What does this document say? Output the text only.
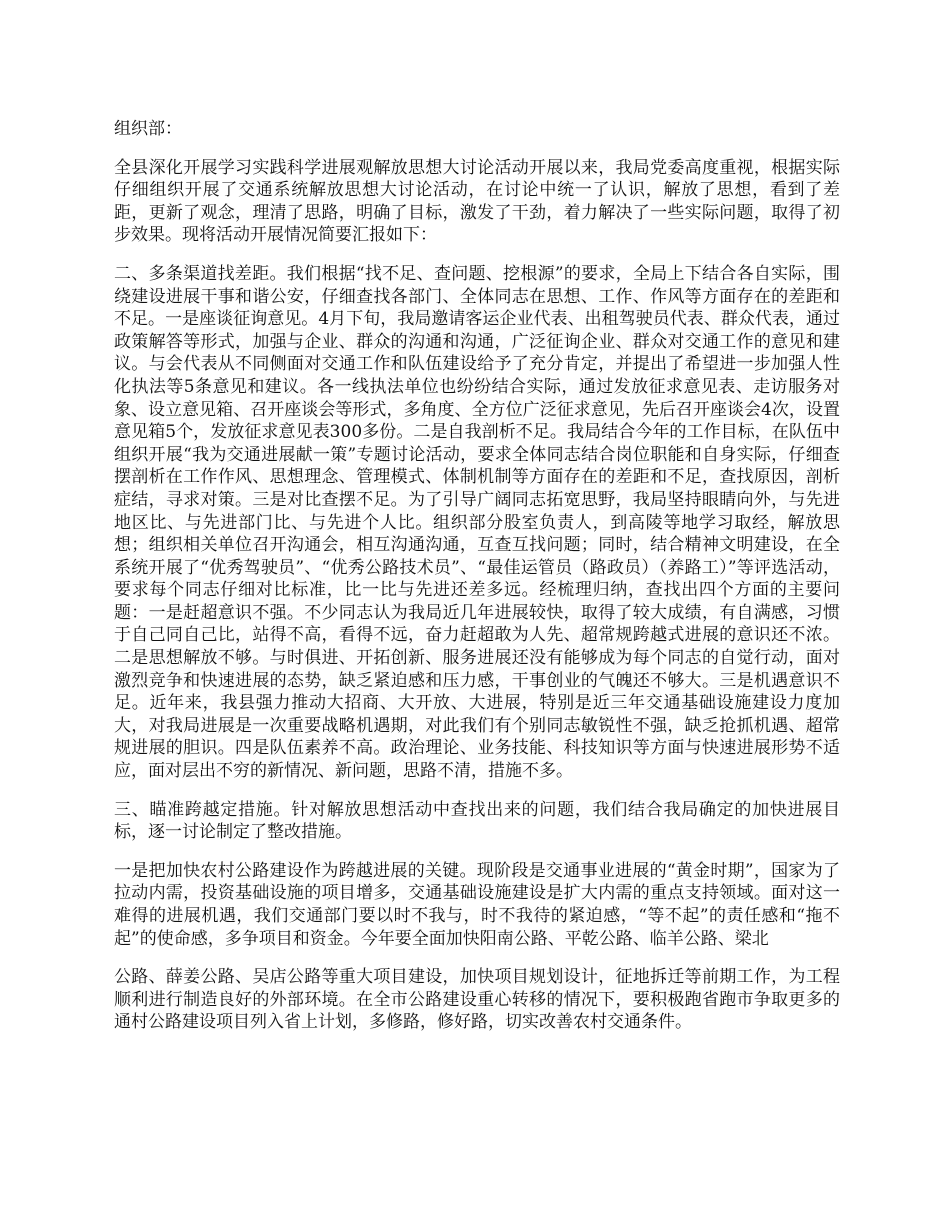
组织部：

全县深化开展学习实践科学进展观解放思想大讨论活动开展以来，我局党委高度重视，根据实际仔细组织开展了交通系统解放思想大讨论活动，在讨论中统一了认识，解放了思想，看到了差距，更新了观念，理清了思路，明确了目标，激发了干劲，着力解决了一些实际问题，取得了初步效果。现将活动开展情况简要汇报如下：

二、多条渠道找差距。我们根据“找不足、查问题、挖根源”的要求，全局上下结合各自实际，围绕建设进展干事和谐公安，仔细查找各部门、全体同志在思想、工作、作风等方面存在的差距和不足。一是座谈征询意见。4月下旬，我局邀请客运企业代表、出租驾驶员代表、群众代表，通过政策解答等形式，加强与企业、群众的沟通和沟通，广泛征询企业、群众对交通工作的意见和建议。与会代表从不同侧面对交通工作和队伍建设给予了充分肯定，并提出了希望进一步加强人性化执法等5条意见和建议。各一线执法单位也纷纷结合实际，通过发放征求意见表、走访服务对象、设立意见箱、召开座谈会等形式，多角度、全方位广泛征求意见，先后召开座谈会4次，设置意见箱5个，发放征求意见表300多份。二是自我剖析不足。我局结合今年的工作目标，在队伍中组织开展“我为交通进展献一策”专题讨论活动，要求全体同志结合岗位职能和自身实际，仔细查摆剖析在工作作风、思想理念、管理模式、体制机制等方面存在的差距和不足，查找原因，剖析症结，寻求对策。三是对比查摆不足。为了引导广阔同志拓宽思野，我局坚持眼睛向外，与先进地区比、与先进部门比、与先进个人比。组织部分股室负责人，到高陵等地学习取经，解放思想；组织相关单位召开沟通会，相互沟通沟通，互查互找问题；同时，结合精神文明建设，在全系统开展了“优秀驾驶员”、“优秀公路技术员”、“最佳运管员（路政员）（养路工）”等评选活动，要求每个同志仔细对比标准，比一比与先进还差多远。经梳理归纳，查找出四个方面的主要问题：一是赶超意识不强。不少同志认为我局近几年进展较快，取得了较大成绩，有自满感，习惯于自己同自己比，站得不高，看得不远，奋力赶超敢为人先、超常规跨越式进展的意识还不浓。二是思想解放不够。与时俱进、开拓创新、服务进展还没有能够成为每个同志的自觉行动，面对激烈竞争和快速进展的态势，缺乏紧迫感和压力感，干事创业的气魄还不够大。三是机遇意识不足。近年来，我县强力推动大招商、大开放、大进展，特别是近三年交通基础设施建设力度加大，对我局进展是一次重要战略机遇期，对此我们有个别同志敏锐性不强，缺乏抢抓机遇、超常规进展的胆识。四是队伍素养不高。政治理论、业务技能、科技知识等方面与快速进展形势不适应，面对层出不穷的新情况、新问题，思路不清，措施不多。

三、瞄准跨越定措施。针对解放思想活动中查找出来的问题，我们结合我局确定的加快进展目标，逐一讨论制定了整改措施。

一是把加快农村公路建设作为跨越进展的关键。现阶段是交通事业进展的“黄金时期”，国家为了拉动内需，投资基础设施的项目增多，交通基础设施建设是扩大内需的重点支持领域。面对这一难得的进展机遇，我们交通部门要以时不我与，时不我待的紧迫感，“等不起”的责任感和“拖不起”的使命感，多争项目和资金。今年要全面加快阳南公路、平乾公路、临羊公路、梁北

公路、薛姜公路、吴店公路等重大项目建设，加快项目规划设计，征地拆迁等前期工作，为工程顺利进行制造良好的外部环境。在全市公路建设重心转移的情况下，要积极跑省跑市争取更多的通村公路建设项目列入省上计划，多修路，修好路，切实改善农村交通条件。
